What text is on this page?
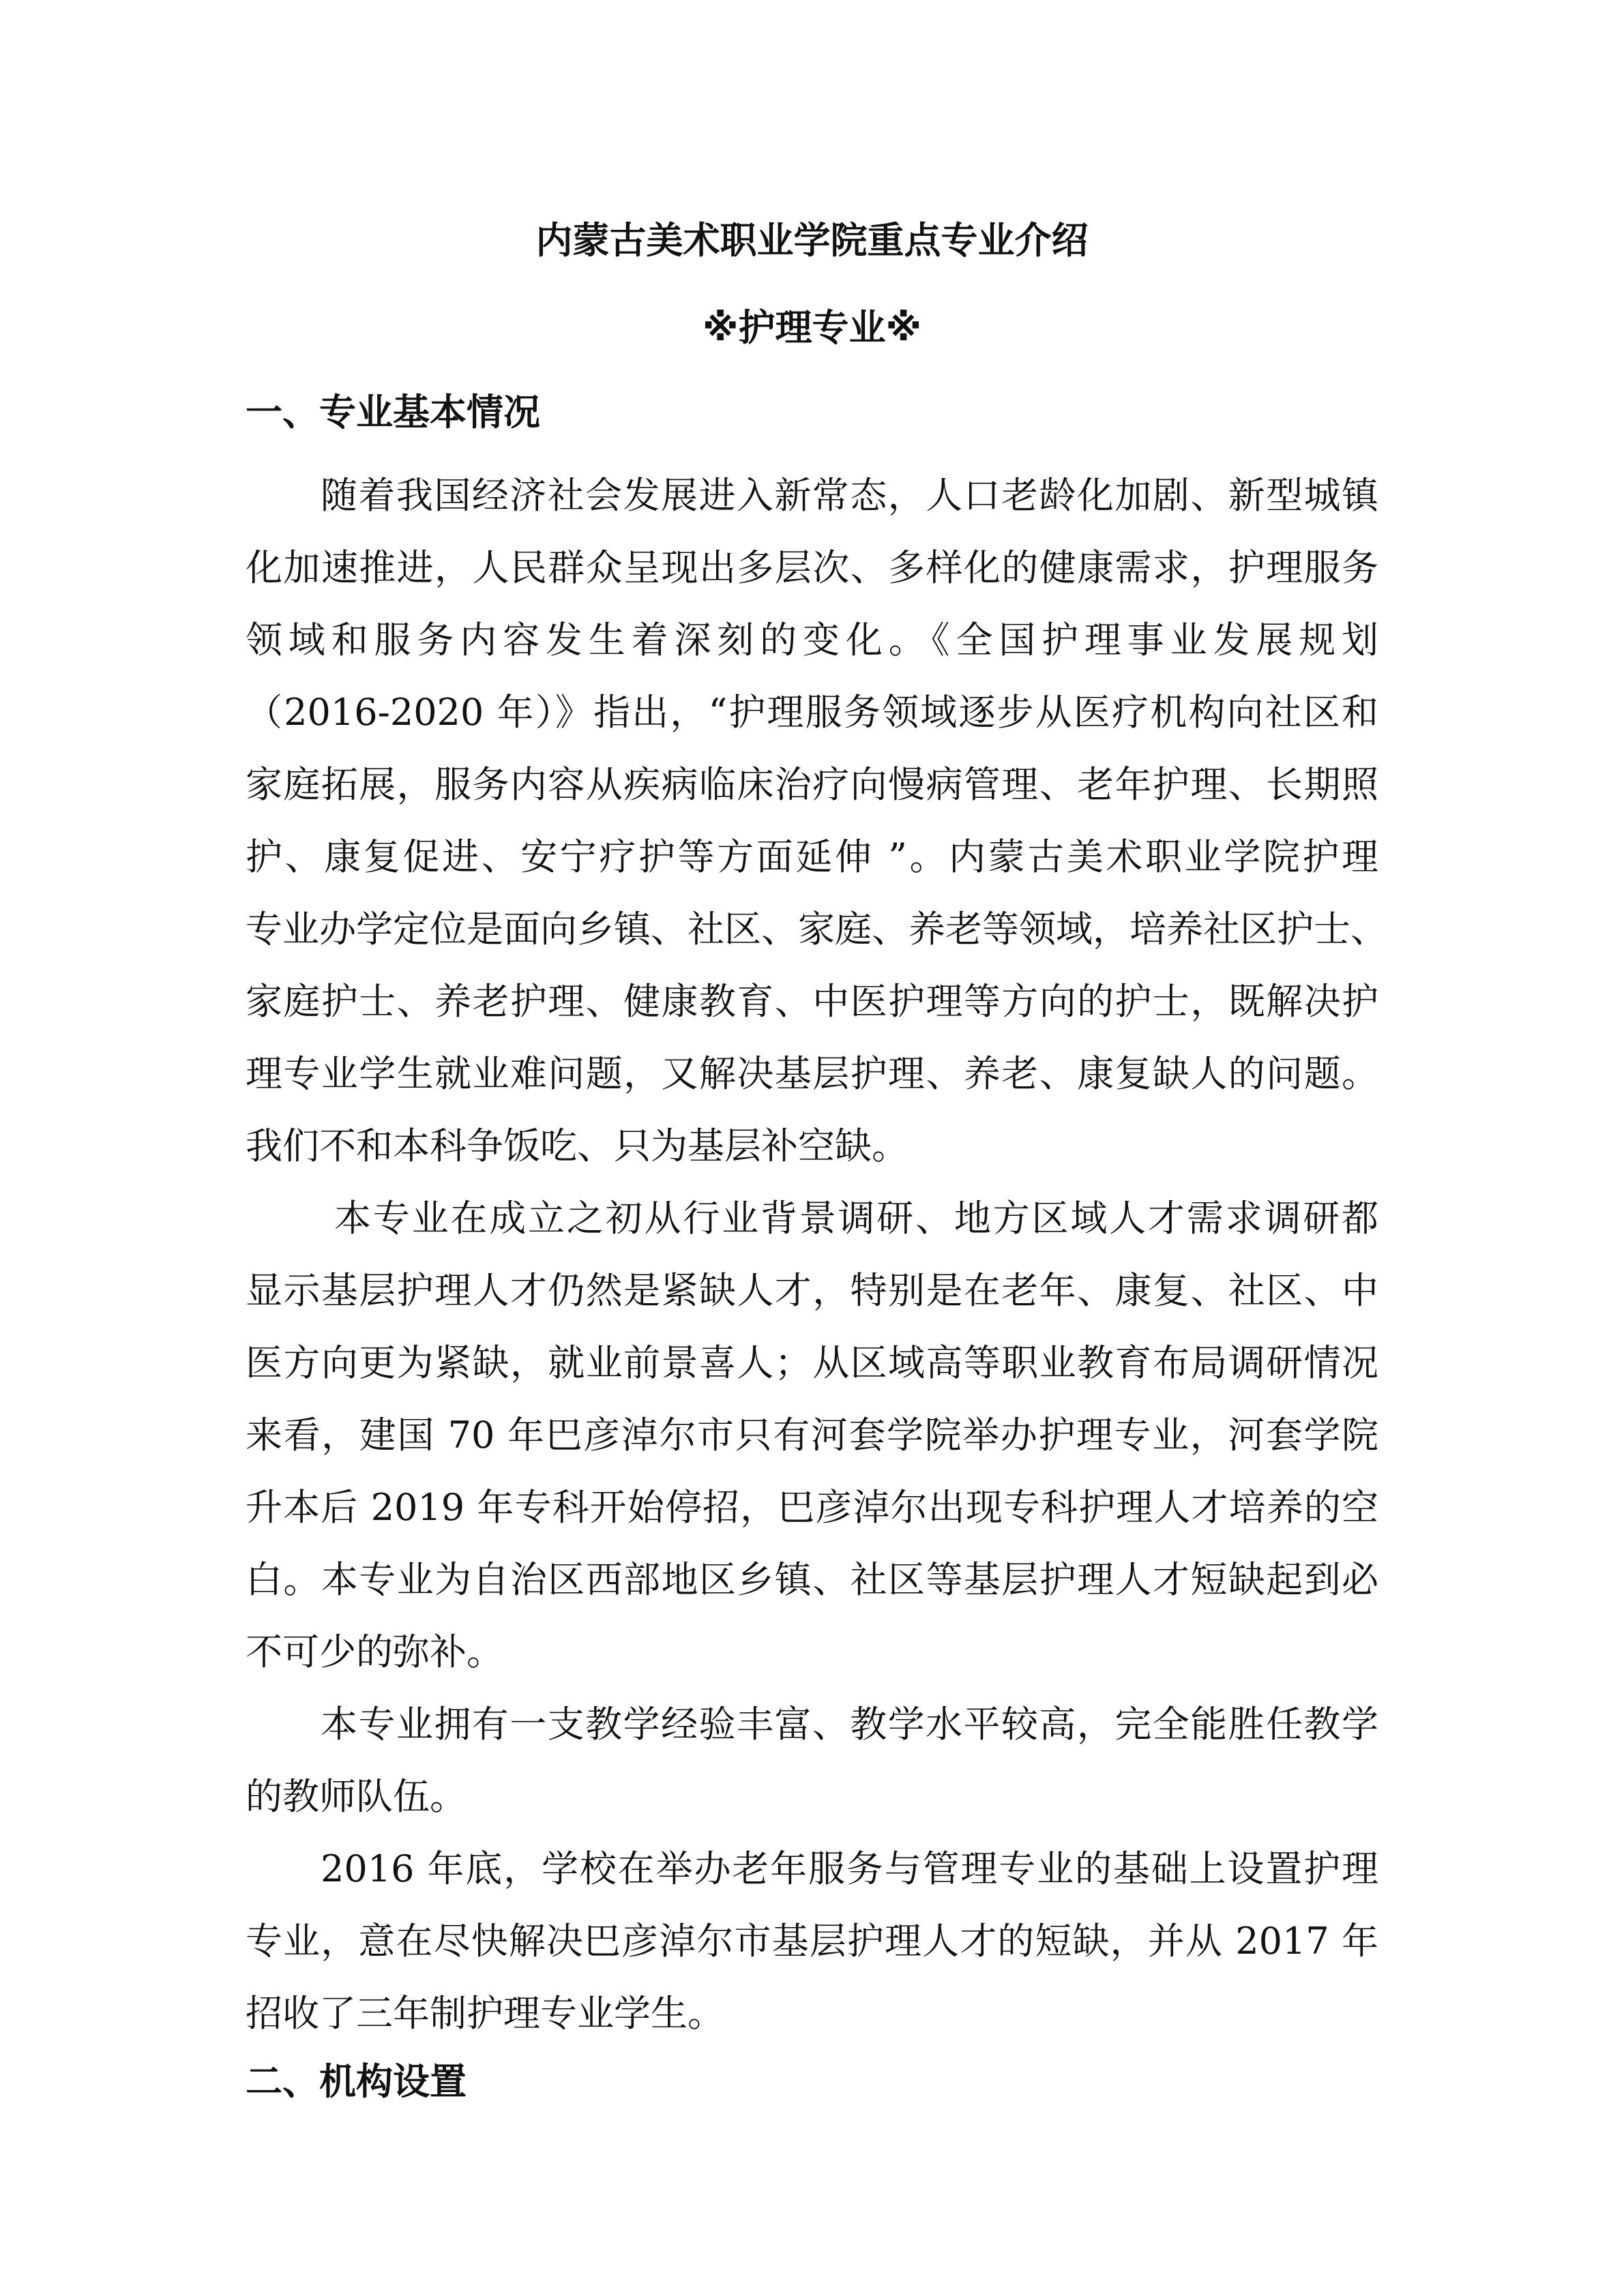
内蒙古美术职业学院重点专业介绍
※护理专业※
一、专业基本情况
随着我国经济社会发展进入新常态，人口老龄化加剧、新型城镇
化加速推进，人民群众呈现出多层次、多样化的健康需求，护理服务
领域和服务内容发生着深刻的变化。《全国护理事业发展规划
（2016-2020 年）》指出，“护理服务领域逐步从医疗机构向社区和
家庭拓展，服务内容从疾病临床治疗向慢病管理、老年护理、长期照
护、康复促进、安宁疗护等方面延伸 ”。内蒙古美术职业学院护理
专业办学定位是面向乡镇、社区、家庭、养老等领域，培养社区护士、
家庭护士、养老护理、健康教育、中医护理等方向的护士，既解决护
理专业学生就业难问题，又解决基层护理、养老、康复缺人的问题。
我们不和本科争饭吃、只为基层补空缺。
本专业在成立之初从行业背景调研、地方区域人才需求调研都
显示基层护理人才仍然是紧缺人才，特别是在老年、康复、社区、中
医方向更为紧缺，就业前景喜人；从区域高等职业教育布局调研情况
来看，建国 70 年巴彦淖尔市只有河套学院举办护理专业，河套学院
升本后 2019 年专科开始停招，巴彦淖尔出现专科护理人才培养的空
白。本专业为自治区西部地区乡镇、社区等基层护理人才短缺起到必
不可少的弥补。
本专业拥有一支教学经验丰富、教学水平较高，完全能胜任教学
的教师队伍。
2016 年底，学校在举办老年服务与管理专业的基础上设置护理
专业，意在尽快解决巴彦淖尔市基层护理人才的短缺，并从 2017 年
招收了三年制护理专业学生。
二、机构设置
